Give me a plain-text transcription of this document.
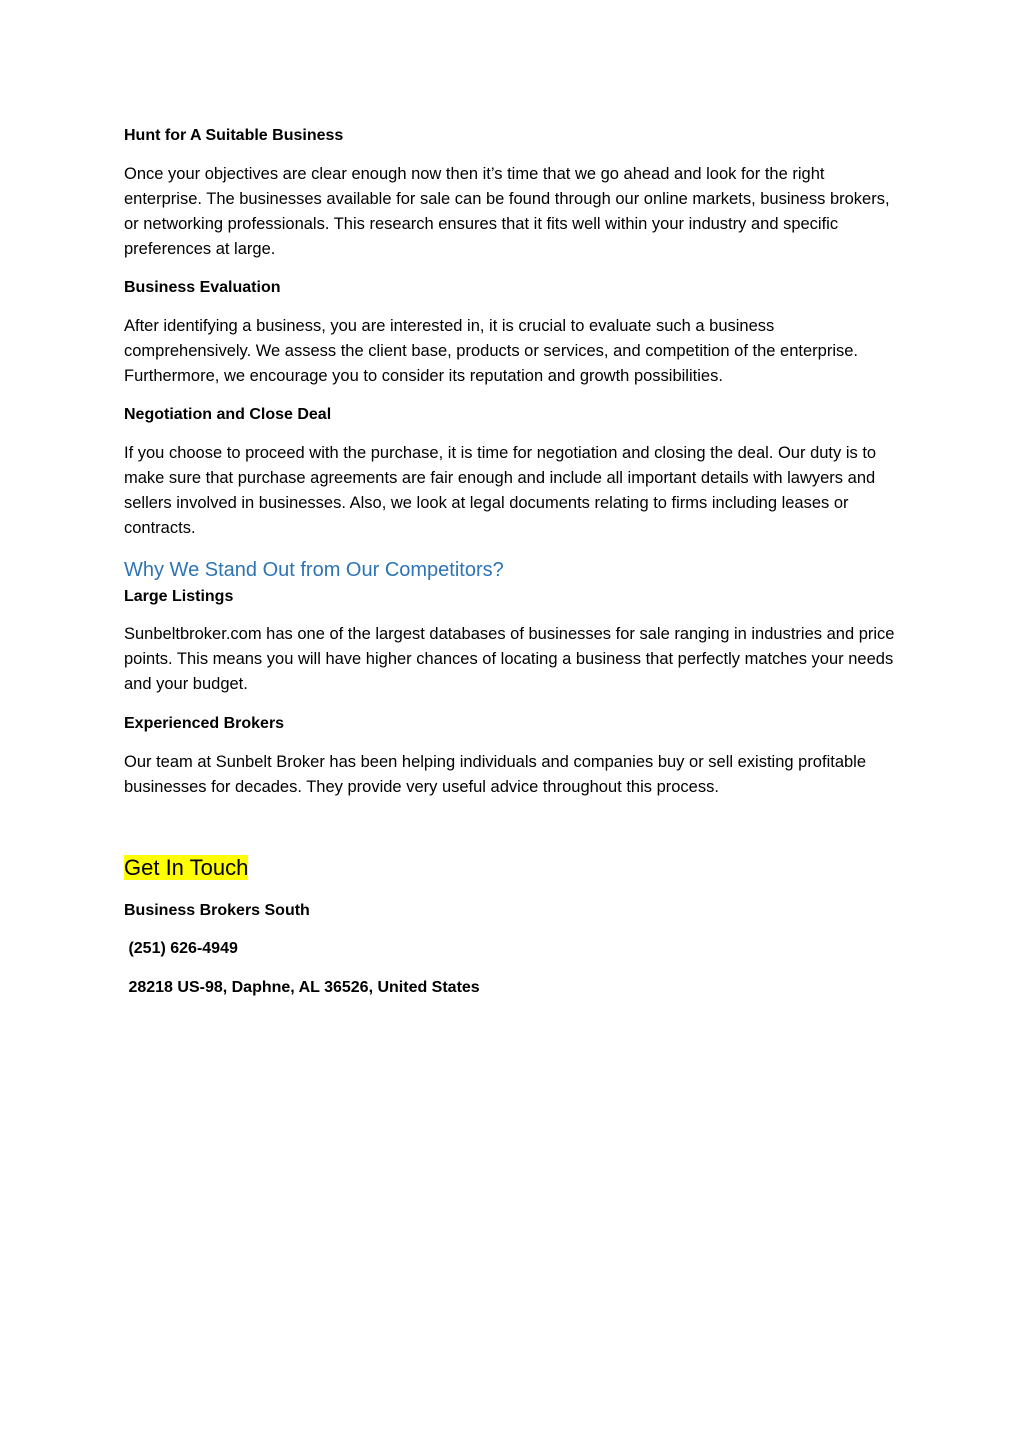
Hunt for A Suitable Business
Once your objectives are clear enough now then it’s time that we go ahead and look for the right enterprise. The businesses available for sale can be found through our online markets, business brokers, or networking professionals. This research ensures that it fits well within your industry and specific preferences at large.
Business Evaluation
After identifying a business, you are interested in, it is crucial to evaluate such a business comprehensively. We assess the client base, products or services, and competition of the enterprise. Furthermore, we encourage you to consider its reputation and growth possibilities.
Negotiation and Close Deal
If you choose to proceed with the purchase, it is time for negotiation and closing the deal. Our duty is to make sure that purchase agreements are fair enough and include all important details with lawyers and sellers involved in businesses. Also, we look at legal documents relating to firms including leases or contracts.
Why We Stand Out from Our Competitors?
Large Listings
Sunbeltbroker.com has one of the largest databases of businesses for sale ranging in industries and price points. This means you will have higher chances of locating a business that perfectly matches your needs and your budget.
Experienced Brokers
Our team at Sunbelt Broker has been helping individuals and companies buy or sell existing profitable businesses for decades. They provide very useful advice throughout this process.
Get In Touch
Business Brokers South
(251) 626-4949
28218 US-98, Daphne, AL 36526, United States
